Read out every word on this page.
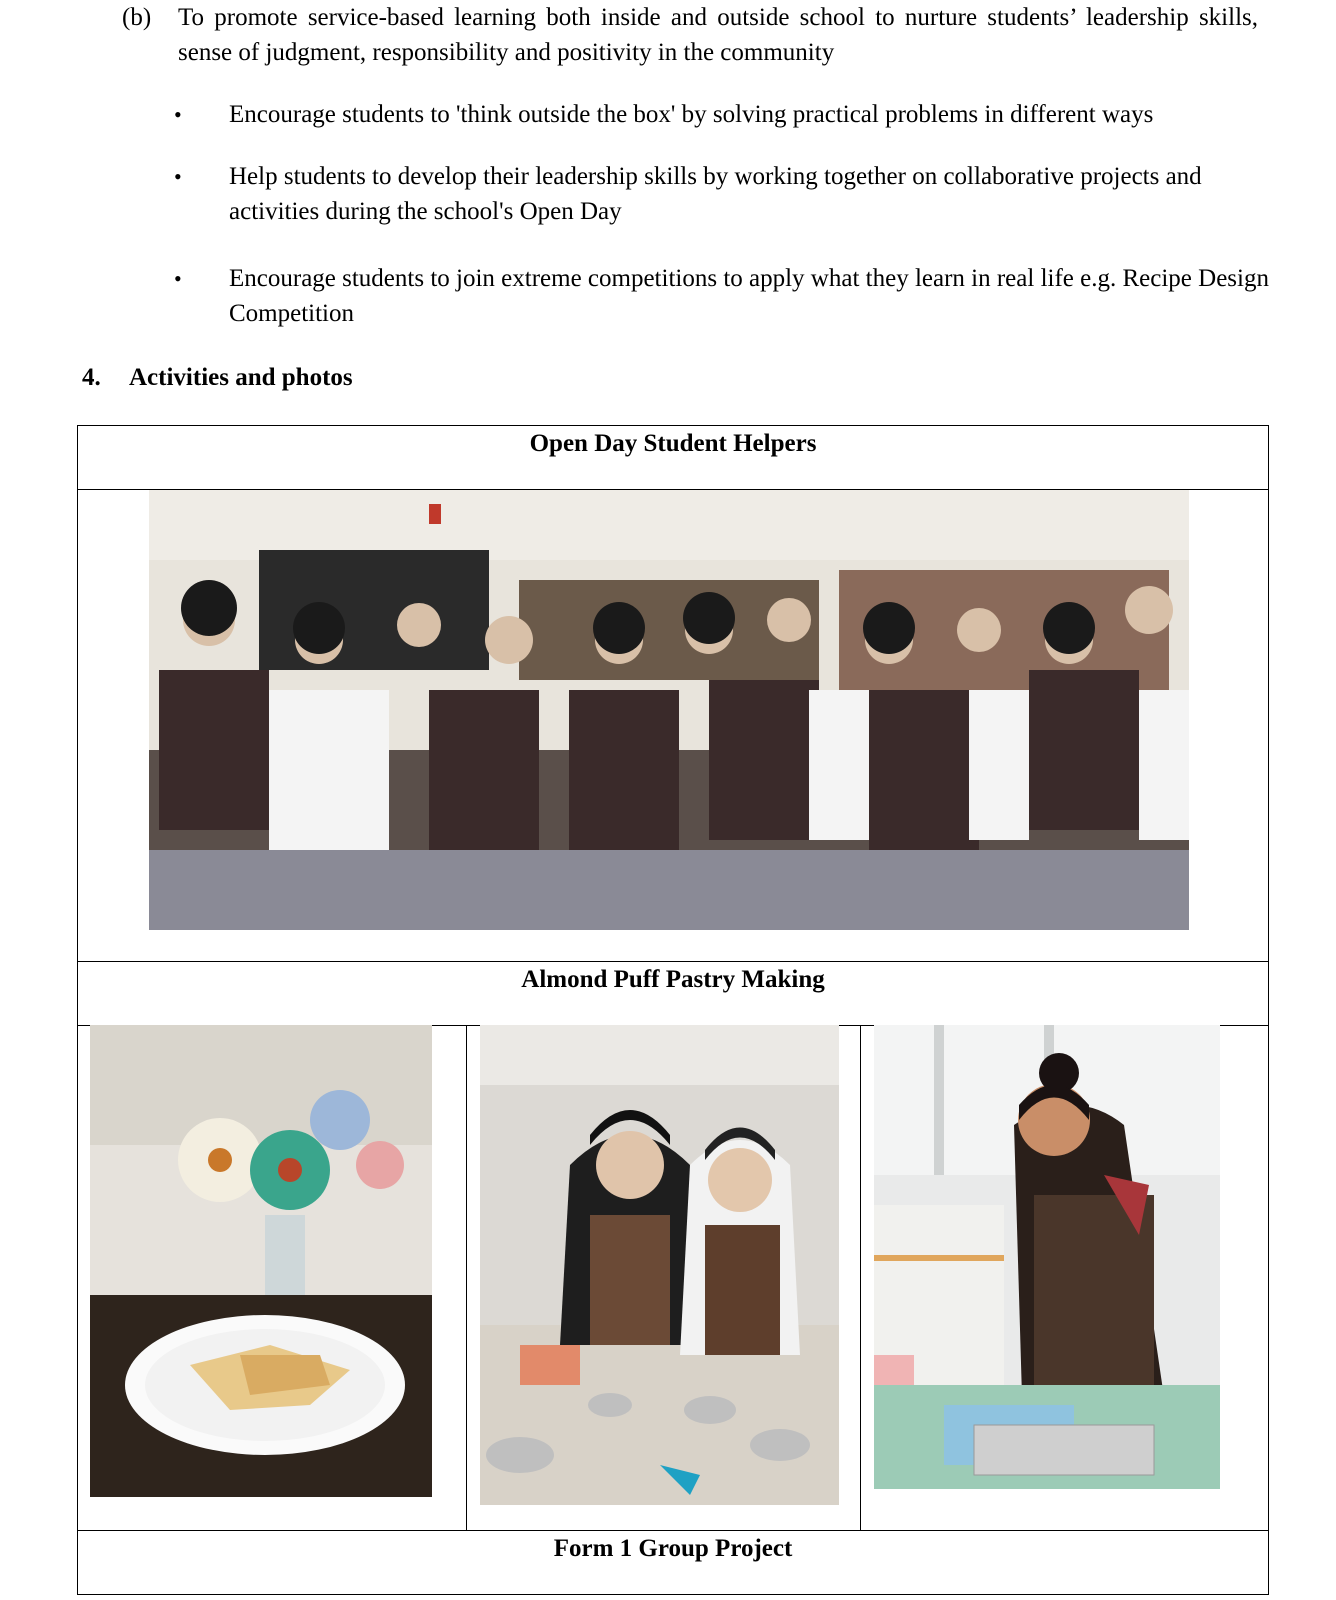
(b) To promote service-based learning both inside and outside school to nurture students’ leadership skills, sense of judgment, responsibility and positivity in the community
• Encourage students to 'think outside the box' by solving practical problems in different ways
• Help students to develop their leadership skills by working together on collaborative projects and activities during the school's Open Day
• Encourage students to join extreme competitions to apply what they learn in real life e.g. Recipe Design Competition
4. Activities and photos
Open Day Student Helpers

Almond Puff Pastry Making

Form 1 Group Project
